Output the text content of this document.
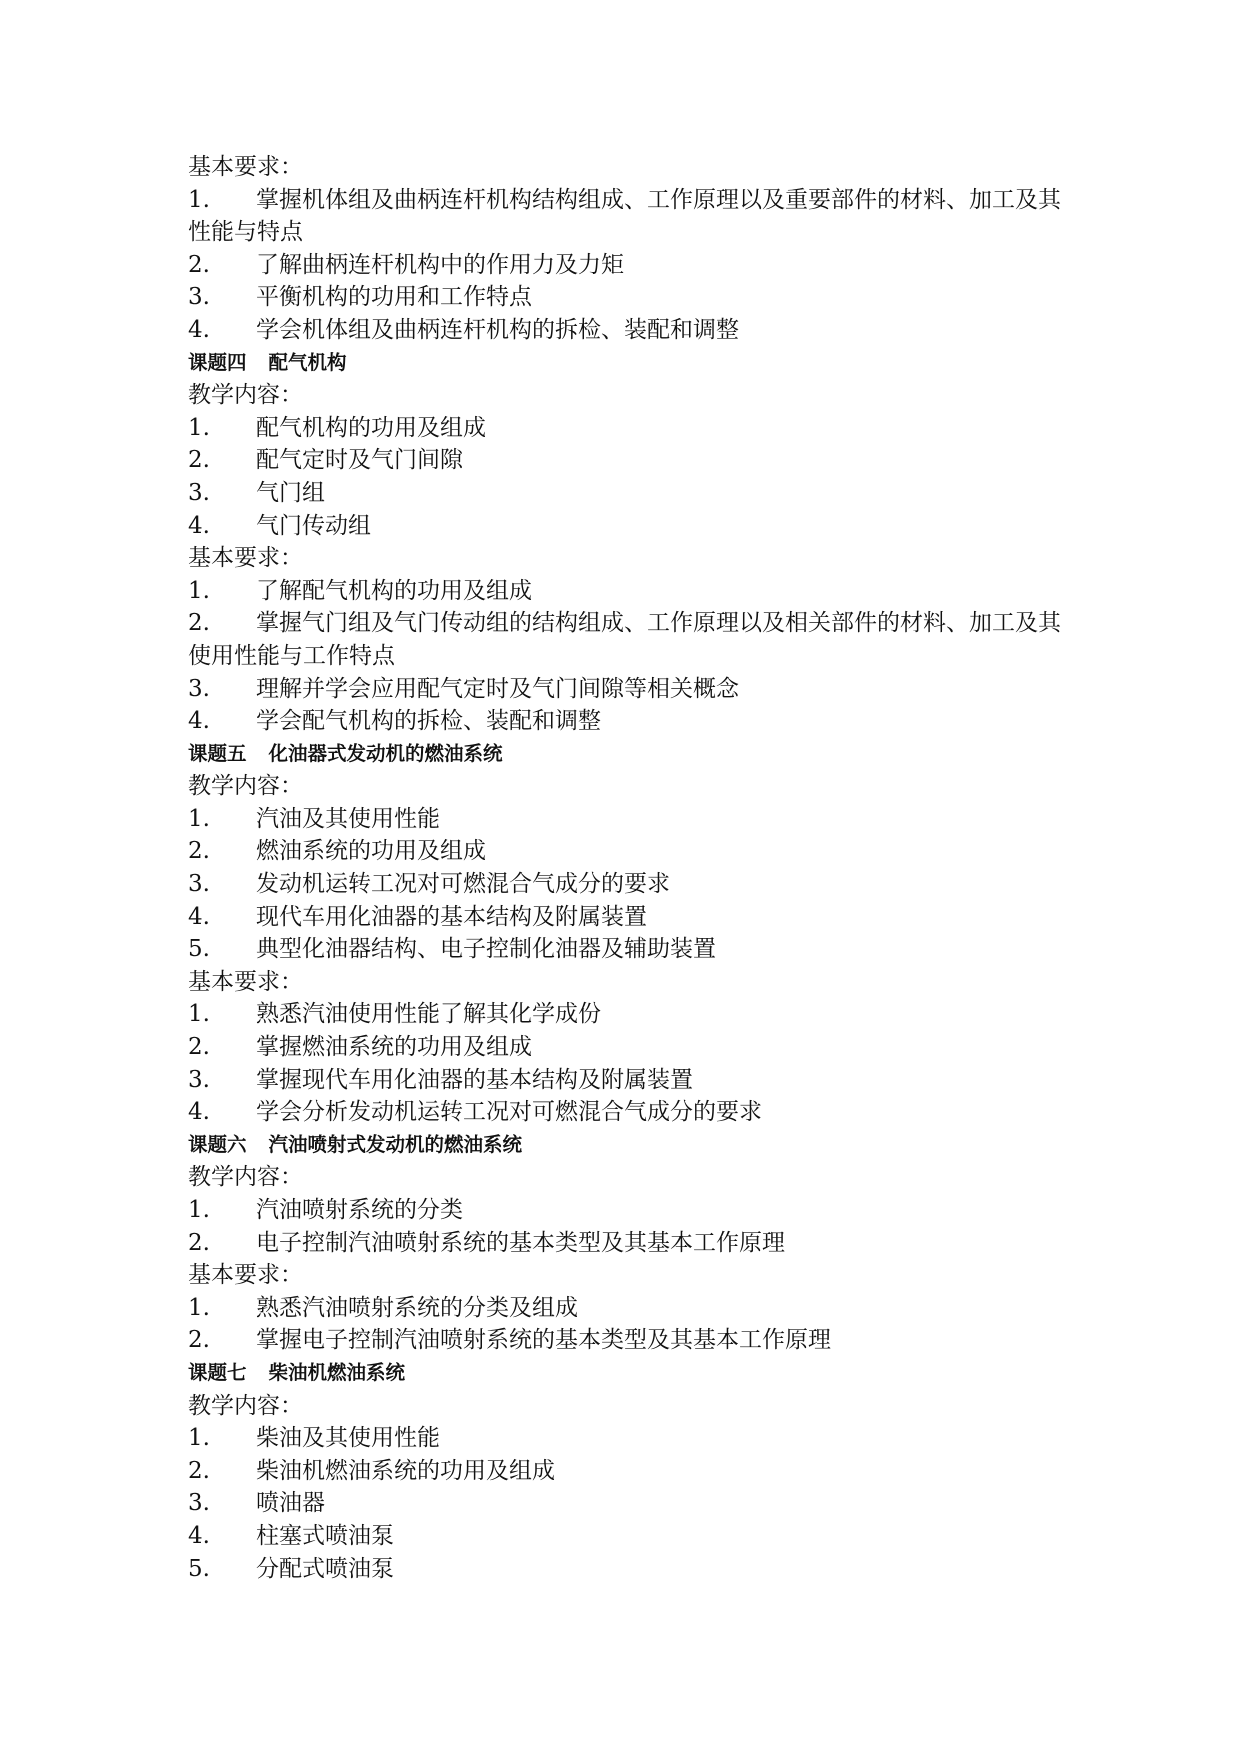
基本要求：
1. 掌握机体组及曲柄连杆机构结构组成、工作原理以及重要部件的材料、加工及其性能与特点
2. 了解曲柄连杆机构中的作用力及力矩
3. 平衡机构的功用和工作特点
4. 学会机体组及曲柄连杆机构的拆检、装配和调整
课题四 配气机构
教学内容：
1. 配气机构的功用及组成
2. 配气定时及气门间隙
3. 气门组
4. 气门传动组
基本要求：
1. 了解配气机构的功用及组成
2. 掌握气门组及气门传动组的结构组成、工作原理以及相关部件的材料、加工及其使用性能与工作特点
3. 理解并学会应用配气定时及气门间隙等相关概念
4. 学会配气机构的拆检、装配和调整
课题五 化油器式发动机的燃油系统
教学内容：
1. 汽油及其使用性能
2. 燃油系统的功用及组成
3. 发动机运转工况对可燃混合气成分的要求
4. 现代车用化油器的基本结构及附属装置
5. 典型化油器结构、电子控制化油器及辅助装置
基本要求：
1. 熟悉汽油使用性能了解其化学成份
2. 掌握燃油系统的功用及组成
3. 掌握现代车用化油器的基本结构及附属装置
4. 学会分析发动机运转工况对可燃混合气成分的要求
课题六 汽油喷射式发动机的燃油系统
教学内容：
1. 汽油喷射系统的分类
2. 电子控制汽油喷射系统的基本类型及其基本工作原理
基本要求：
1. 熟悉汽油喷射系统的分类及组成
2. 掌握电子控制汽油喷射系统的基本类型及其基本工作原理
课题七 柴油机燃油系统
教学内容：
1. 柴油及其使用性能
2. 柴油机燃油系统的功用及组成
3. 喷油器
4. 柱塞式喷油泵
5. 分配式喷油泵
